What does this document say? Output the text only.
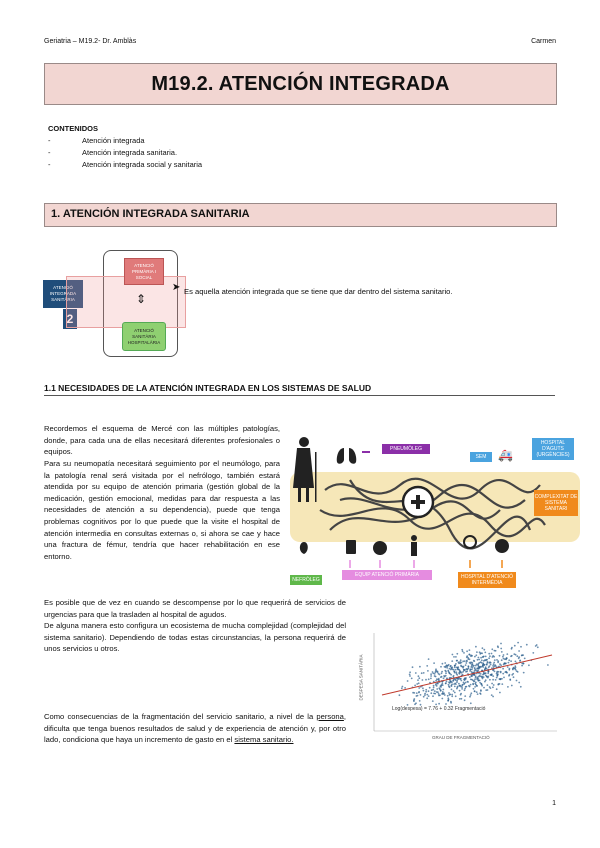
Geriatria – M19.2- Dr. Amblàs	Carmen
M19.2. ATENCIÓN INTEGRADA
CONTENIDOS
- Atención integrada
- Atención integrada sanitaria.
- Atención integrada social y sanitaria
1. ATENCIÓN INTEGRADA SANITARIA
ATENCIÓ INTEGRADA SANITÀRIA
2
ATENCIÓ PRIMÀRIA I SOCIAL
⇕
ATENCIÓ SANITÀRIA HOSPITALÀRIA
➤ Es aquella atención integrada que se tiene que dar dentro del sistema sanitario.
1.1 NECESIDADES DE LA ATENCIÓN INTEGRADA EN LOS SISTEMAS DE SALUD
Recordemos el esquema de Mercé con las múltiples patologías, donde, para cada una de ellas necesitará diferentes profesionales o equipos.
Para su neumopatía necesitará seguimiento por el neumólogo, para la patología renal será visitada por el nefrólogo, también estará atendida por su equipo de atención primaria (gestión global de la medicación, gestión emocional, medidas para dar respuesta a las necesidades de atención a su dependencia), puede que tenga problemas cognitivos por lo que puede que la visite el hospital de atención intermedia en consultas externas o, si ahora se cae y hace una fractura de fémur, tendría que hacer rehabilitación en ese entorno.
Es posible que de vez en cuando se descompense por lo que requerirá de servicios de urgencias para que la trasladen al hospital de agudos.
De alguna manera esto configura un ecosistema de mucha complejidad (complejidad del sistema sanitario). Dependiendo de todas estas circunstancias, la persona requerirá de unos servicios u otros.
Como consecuencias de la fragmentación del servicio sanitario, a nivel de la persona, dificulta que tenga buenos resultados de salud y de experiencia de atención y, por otro lado, condiciona que haya un incremento de gasto en el sistema sanitario.
PNEUMÒLEG
SEM 🚑
HOSPITAL D'AGUTS (URGÈNCIES)
COMPLEXITAT DE SISTEMA SANITARI
NEFRÒLEG
EQUIP ATENCIÓ PRIMÀRIA	HOSPITAL D'ATENCIÓ INTERMÈDIA
DESPESA SANITÀRIA
GRAU DE FRAGMENTACIÓ
Log(despesa) = 7.76 + 0.32 Fragmentació
1
